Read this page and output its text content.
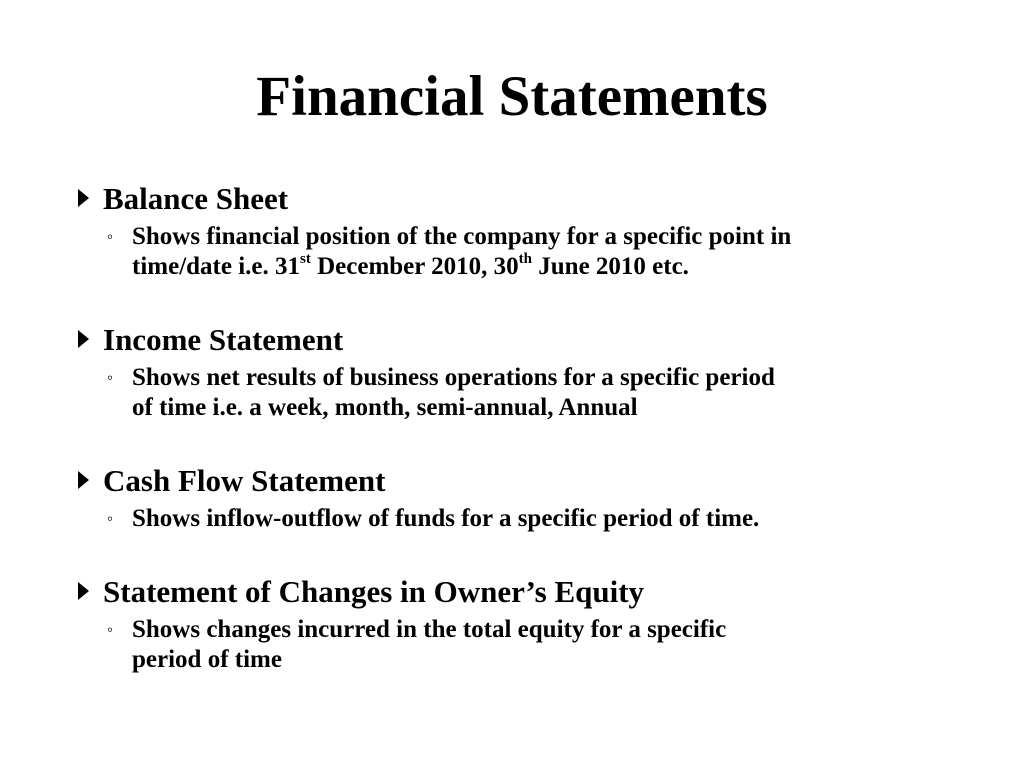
Financial Statements
Balance Sheet
◦ Shows financial position of the company for a specific point in
time/date i.e. 31st December 2010, 30th June 2010 etc.
Income Statement
◦ Shows net results of business operations for a specific period
of time i.e. a week, month, semi-annual, Annual
Cash Flow Statement
◦ Shows inflow-outflow of funds for a specific period of time.
Statement of Changes in Owner’s Equity
◦ Shows changes incurred in the total equity for a specific
period of time
